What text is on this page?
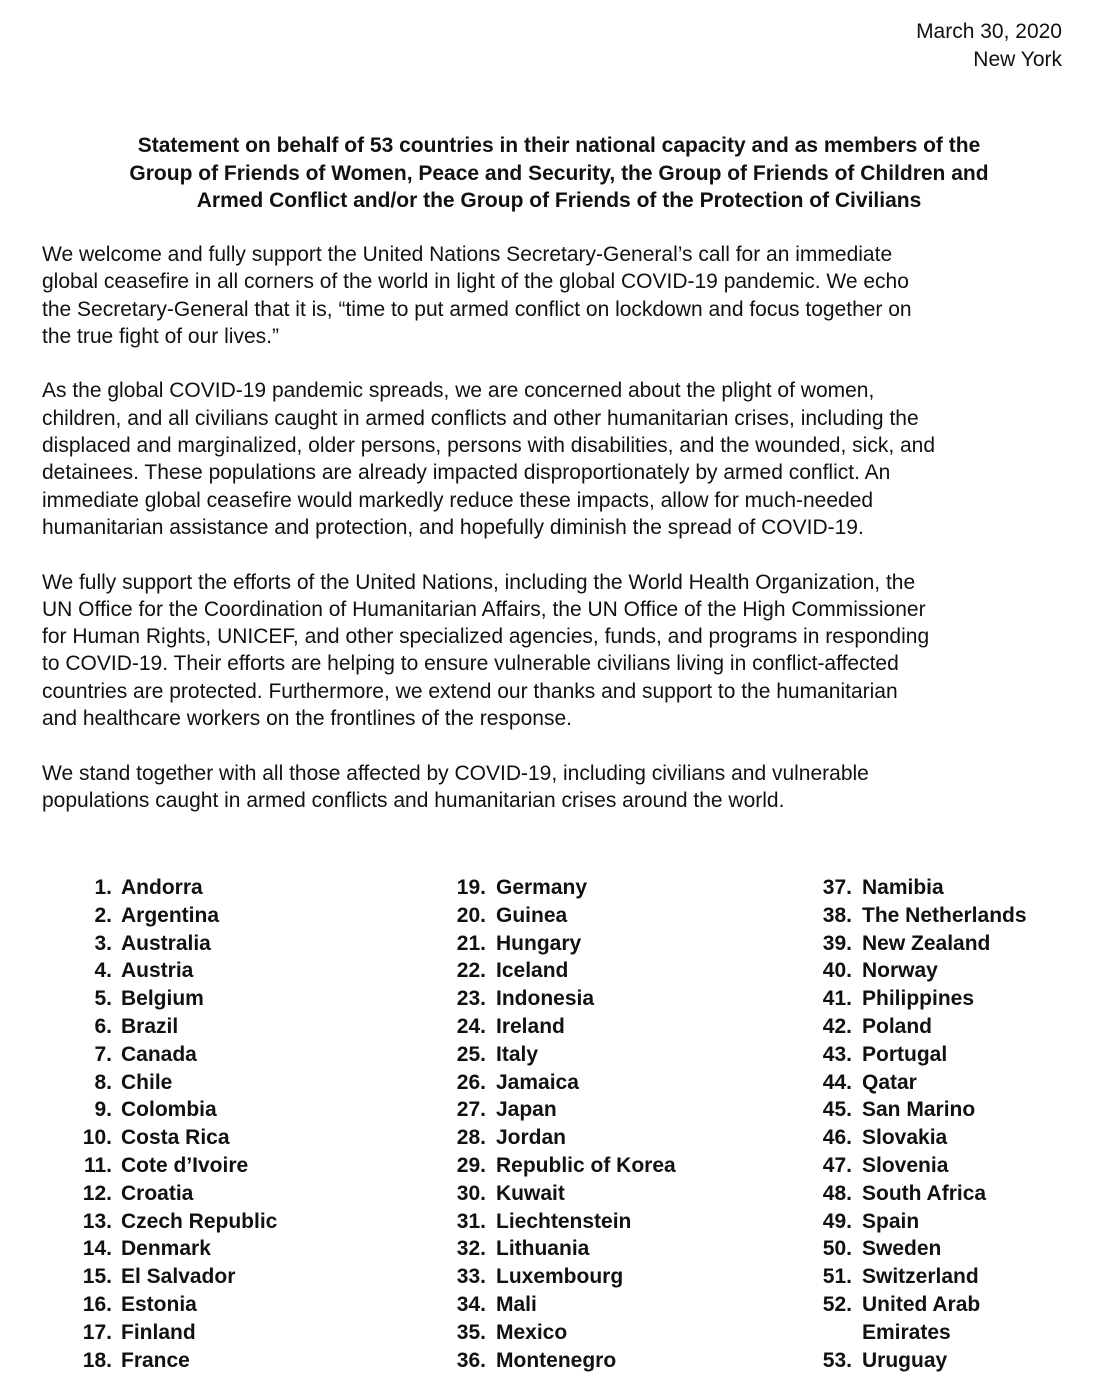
March 30, 2020
New York
Statement on behalf of 53 countries in their national capacity and as members of the
Group of Friends of Women, Peace and Security, the Group of Friends of Children and
Armed Conflict and/or the Group of Friends of the Protection of Civilians
We welcome and fully support the United Nations Secretary-General’s call for an immediate
global ceasefire in all corners of the world in light of the global COVID-19 pandemic. We echo
the Secretary-General that it is, “time to put armed conflict on lockdown and focus together on
the true fight of our lives.”
As the global COVID-19 pandemic spreads, we are concerned about the plight of women,
children, and all civilians caught in armed conflicts and other humanitarian crises, including the
displaced and marginalized, older persons, persons with disabilities, and the wounded, sick, and
detainees. These populations are already impacted disproportionately by armed conflict. An
immediate global ceasefire would markedly reduce these impacts, allow for much-needed
humanitarian assistance and protection, and hopefully diminish the spread of COVID-19.
We fully support the efforts of the United Nations, including the World Health Organization, the
UN Office for the Coordination of Humanitarian Affairs, the UN Office of the High Commissioner
for Human Rights, UNICEF, and other specialized agencies, funds, and programs in responding
to COVID-19. Their efforts are helping to ensure vulnerable civilians living in conflict-affected
countries are protected. Furthermore, we extend our thanks and support to the humanitarian
and healthcare workers on the frontlines of the response.
We stand together with all those affected by COVID-19, including civilians and vulnerable
populations caught in armed conflicts and humanitarian crises around the world.
1. Andorra
2. Argentina
3. Australia
4. Austria
5. Belgium
6. Brazil
7. Canada
8. Chile
9. Colombia
10. Costa Rica
11. Cote d’Ivoire
12. Croatia
13. Czech Republic
14. Denmark
15. El Salvador
16. Estonia
17. Finland
18. France
19. Germany
20. Guinea
21. Hungary
22. Iceland
23. Indonesia
24. Ireland
25. Italy
26. Jamaica
27. Japan
28. Jordan
29. Republic of Korea
30. Kuwait
31. Liechtenstein
32. Lithuania
33. Luxembourg
34. Mali
35. Mexico
36. Montenegro
37. Namibia
38. The Netherlands
39. New Zealand
40. Norway
41. Philippines
42. Poland
43. Portugal
44. Qatar
45. San Marino
46. Slovakia
47. Slovenia
48. South Africa
49. Spain
50. Sweden
51. Switzerland
52. United Arab Emirates
53. Uruguay
